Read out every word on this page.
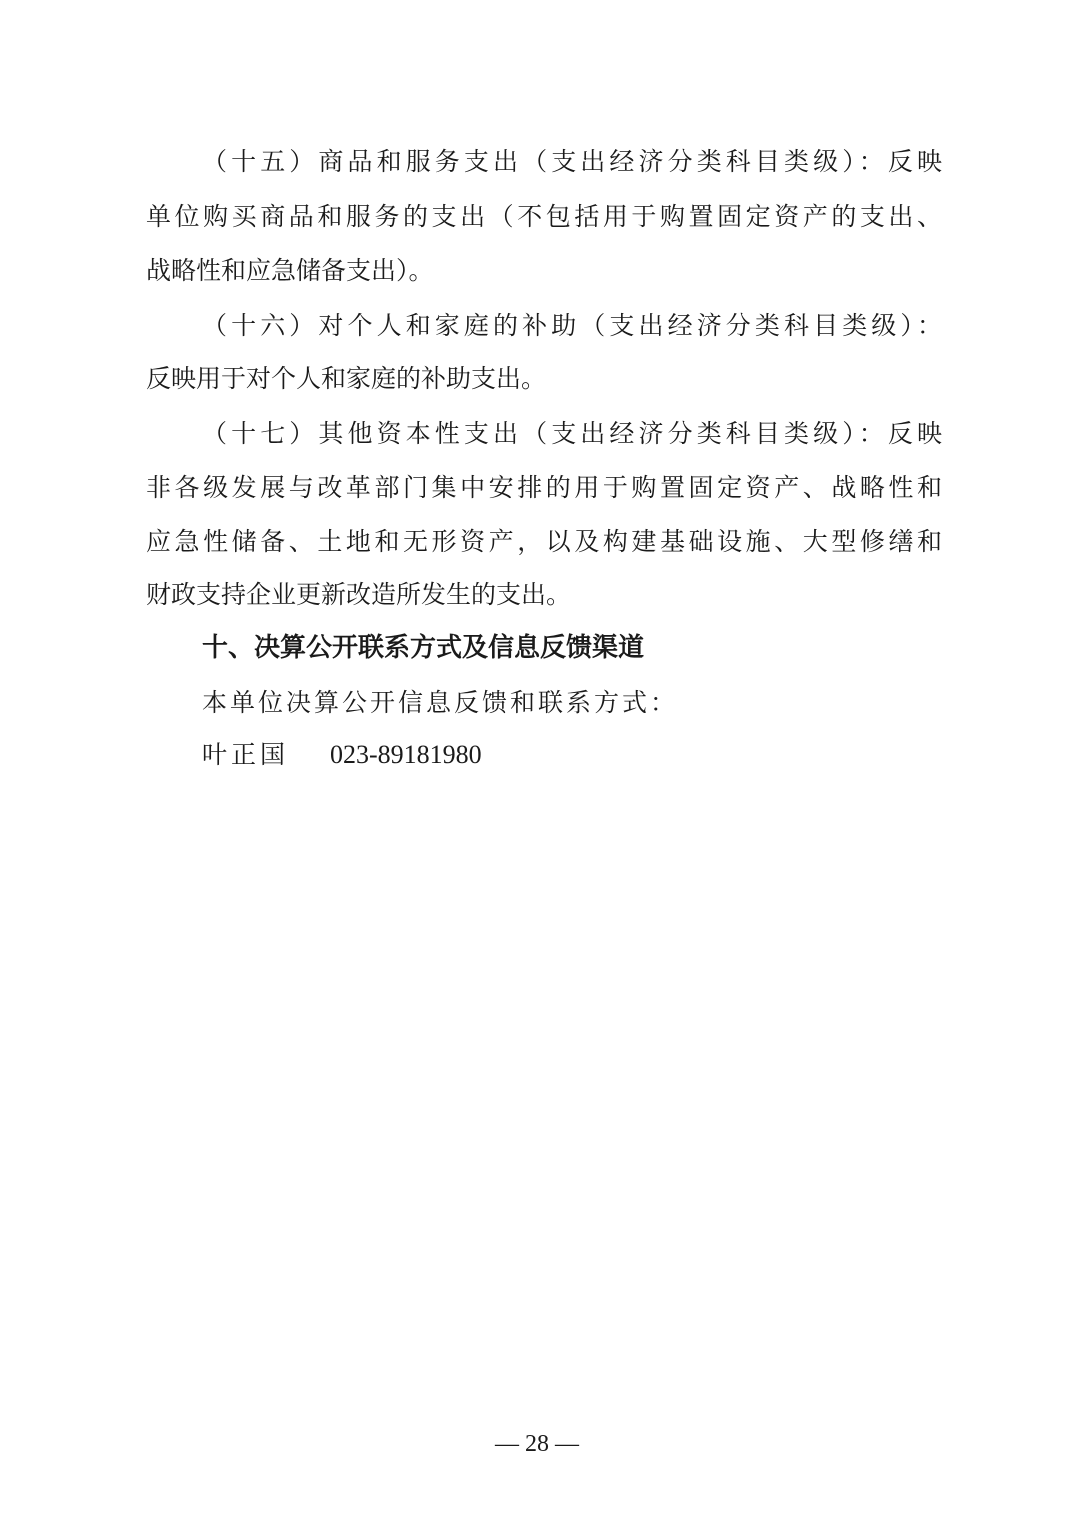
（十五）商品和服务支出（支出经济分类科目类级）：反映
单位购买商品和服务的支出（不包括用于购置固定资产的支出、
战略性和应急储备支出）。
（十六）对个人和家庭的补助（支出经济分类科目类级）：
反映用于对个人和家庭的补助支出。
（十七）其他资本性支出（支出经济分类科目类级）：反映
非各级发展与改革部门集中安排的用于购置固定资产、战略性和
应急性储备、土地和无形资产，以及构建基础设施、大型修缮和
财政支持企业更新改造所发生的支出。
十、决算公开联系方式及信息反馈渠道
本单位决算公开信息反馈和联系方式：
叶正国 023-89181980
— 28 —
